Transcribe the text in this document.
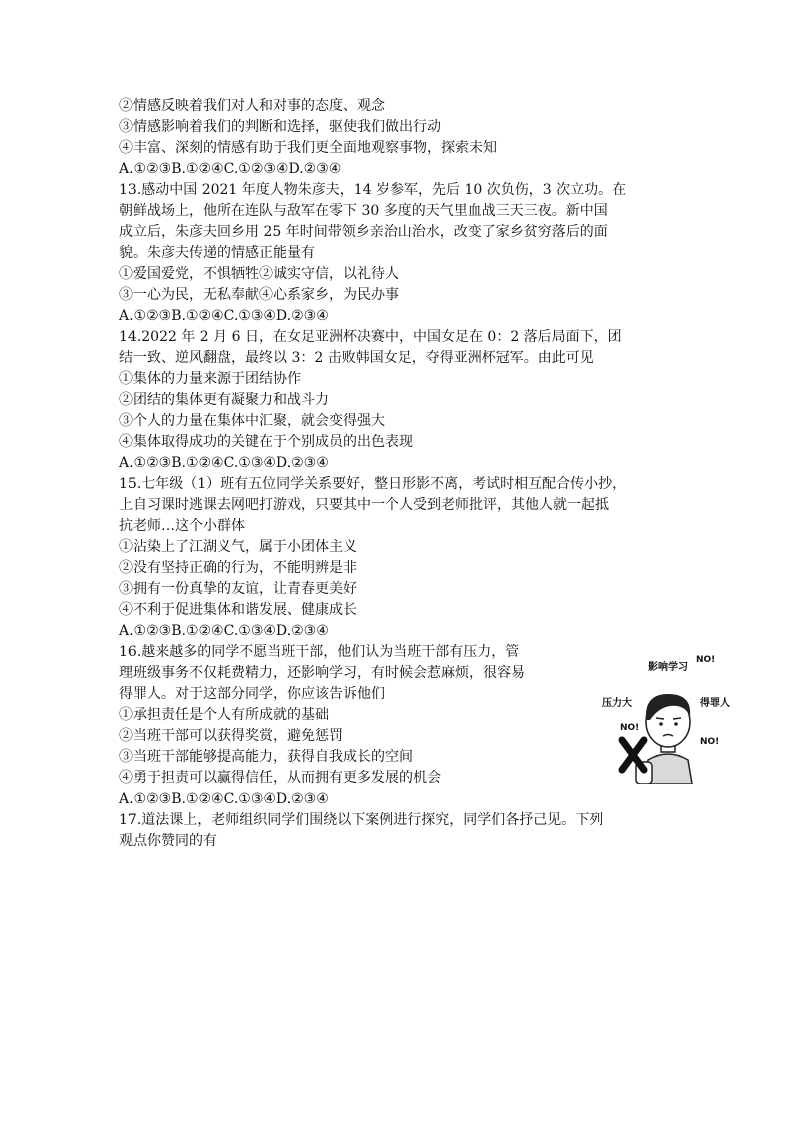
②情感反映着我们对人和对事的态度、观念
③情感影响着我们的判断和选择，驱使我们做出行动
④丰富、深刻的情感有助于我们更全面地观察事物，探索未知
A.①②③B.①②④C.①②③④D.②③④
13.感动中国 2021 年度人物朱彦夫，14 岁参军，先后 10 次负伤，3 次立功。在
朝鲜战场上，他所在连队与敌军在零下 30 多度的天气里血战三天三夜。新中国
成立后，朱彦夫回乡用 25 年时间带领乡亲治山治水，改变了家乡贫穷落后的面
貌。朱彦夫传递的情感正能量有
①爱国爱党，不惧牺牲②诚实守信，以礼待人
③一心为民，无私奉献④心系家乡，为民办事
A.①②③B.①②④C.①③④D.②③④
14.2022 年 2 月 6 日，在女足亚洲杯决赛中，中国女足在 0：2 落后局面下，团
结一致、逆风翻盘，最终以 3：2 击败韩国女足，夺得亚洲杯冠军。由此可见
①集体的力量来源于团结协作
②团结的集体更有凝聚力和战斗力
③个人的力量在集体中汇聚，就会变得强大
④集体取得成功的关键在于个别成员的出色表现
A.①②③B.①②④C.①③④D.②③④
15.七年级（1）班有五位同学关系要好，整日形影不离，考试时相互配合传小抄，
上自习课时逃课去网吧打游戏，只要其中一个人受到老师批评，其他人就一起抵
抗老师…这个小群体
①沾染上了江湖义气，属于小团体主义
②没有坚持正确的行为，不能明辨是非
③拥有一份真挚的友谊，让青春更美好
④不利于促进集体和谐发展、健康成长
A.①②③B.①②④C.①③④D.②③④
16.越来越多的同学不愿当班干部，他们认为当班干部有压力，管
理班级事务不仅耗费精力，还影响学习，有时候会惹麻烦，很容易
得罪人。对于这部分同学，你应该告诉他们
①承担责任是个人有所成就的基础
②当班干部可以获得奖赏，避免惩罚
③当班干部能够提高能力，获得自我成长的空间
④勇于担责可以赢得信任，从而拥有更多发展的机会
A.①②③B.①②④C.①③④D.②③④
17.道法课上，老师组织同学们围绕以下案例进行探究，同学们各抒己见。下列
观点你赞同的有
影响学习
NO!
压力大	得罪人
NO!
NO!
